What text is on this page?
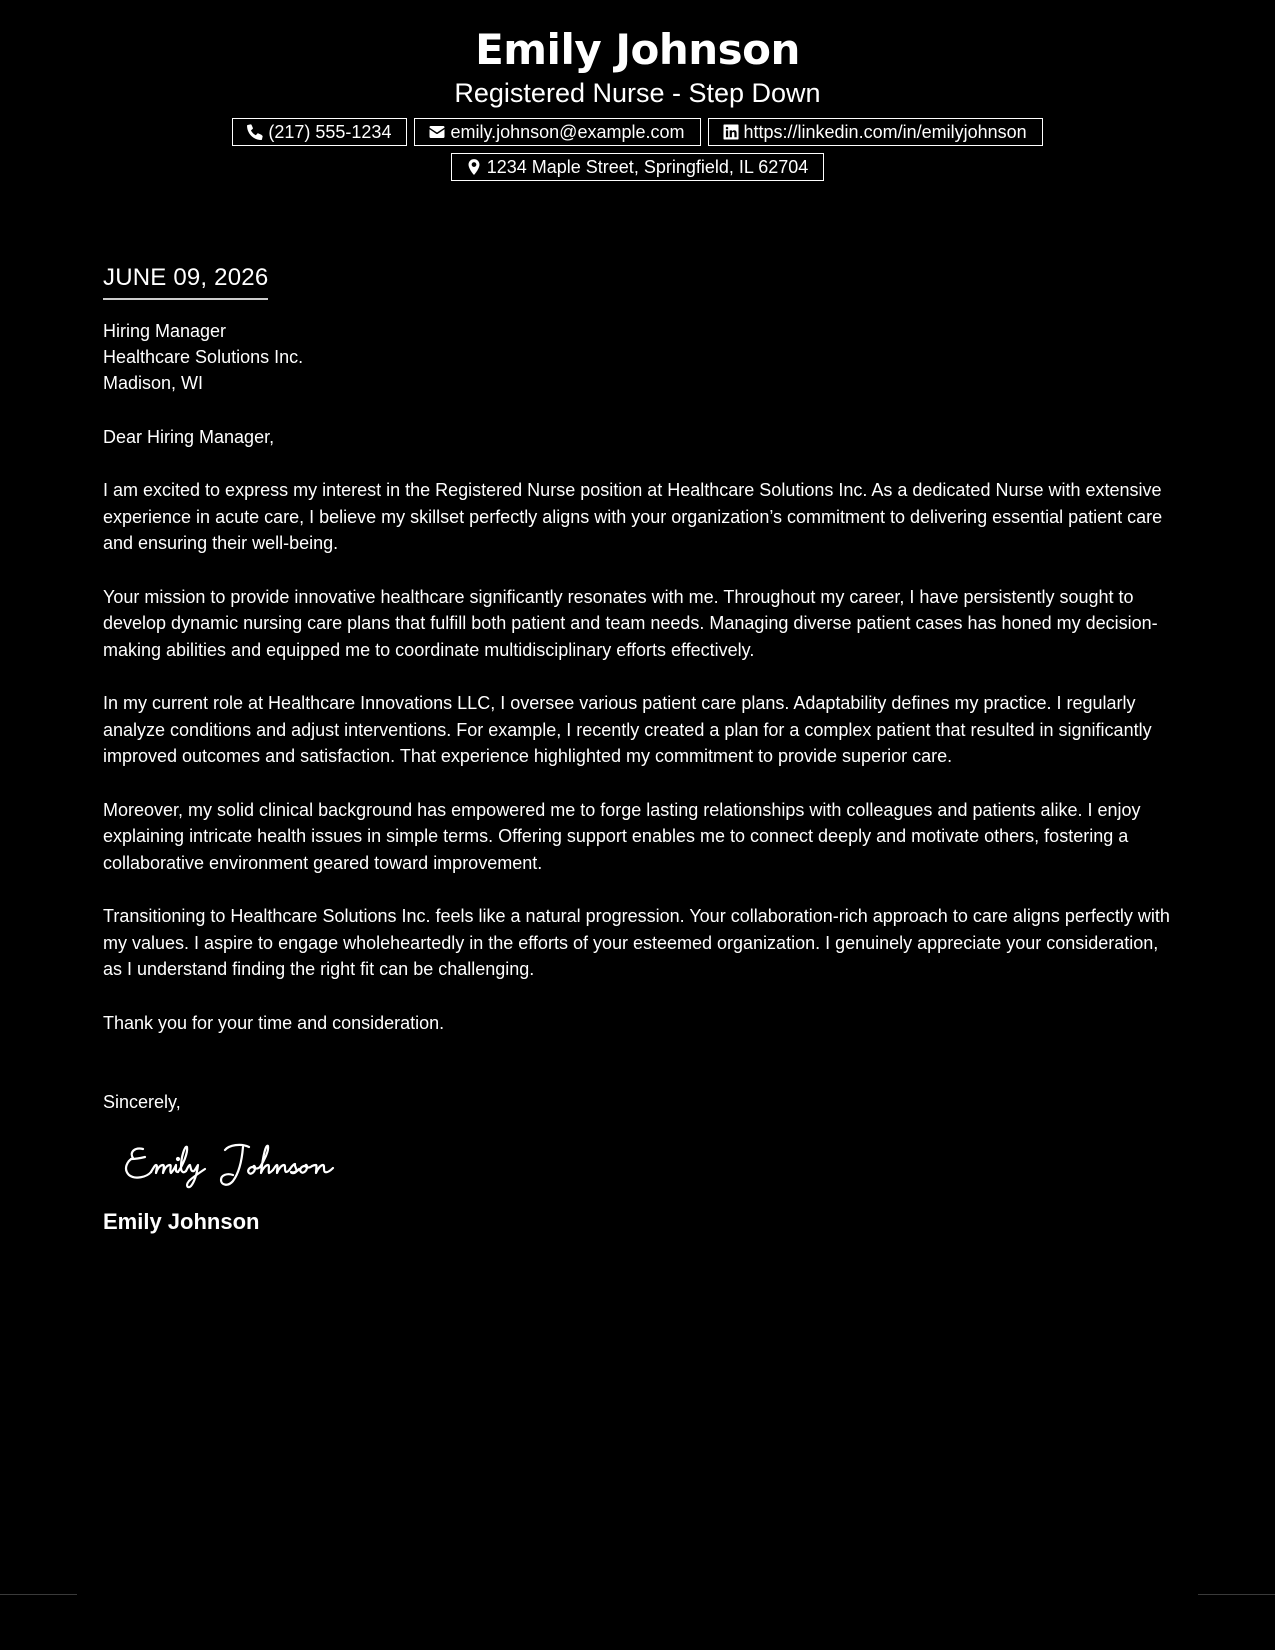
Emily Johnson

Registered Nurse - Step Down

(217) 555-1234	emily.johnson@example.com	https://linkedin.com/in/emilyjohnson
1234 Maple Street, Springfield, IL 62704
JUNE 09, 2026
Hiring Manager
Healthcare Solutions Inc.
Madison, WI
Dear Hiring Manager,
I am excited to express my interest in the Registered Nurse position at Healthcare Solutions Inc. As a dedicated Nurse with extensive experience in acute care, I believe my skillset perfectly aligns with your organization’s commitment to delivering essential patient care and ensuring their well-being.
Your mission to provide innovative healthcare significantly resonates with me. Throughout my career, I have persistently sought to develop dynamic nursing care plans that fulfill both patient and team needs. Managing diverse patient cases has honed my decision-making abilities and equipped me to coordinate multidisciplinary efforts effectively.
In my current role at Healthcare Innovations LLC, I oversee various patient care plans. Adaptability defines my practice. I regularly analyze conditions and adjust interventions. For example, I recently created a plan for a complex patient that resulted in significantly improved outcomes and satisfaction. That experience highlighted my commitment to provide superior care.
Moreover, my solid clinical background has empowered me to forge lasting relationships with colleagues and patients alike. I enjoy explaining intricate health issues in simple terms. Offering support enables me to connect deeply and motivate others, fostering a collaborative environment geared toward improvement.
Transitioning to Healthcare Solutions Inc. feels like a natural progression. Your collaboration-rich approach to care aligns perfectly with my values. I aspire to engage wholeheartedly in the efforts of your esteemed organization. I genuinely appreciate your consideration, as I understand finding the right fit can be challenging.
Thank you for your time and consideration.
Sincerely,
Emily Johnson
